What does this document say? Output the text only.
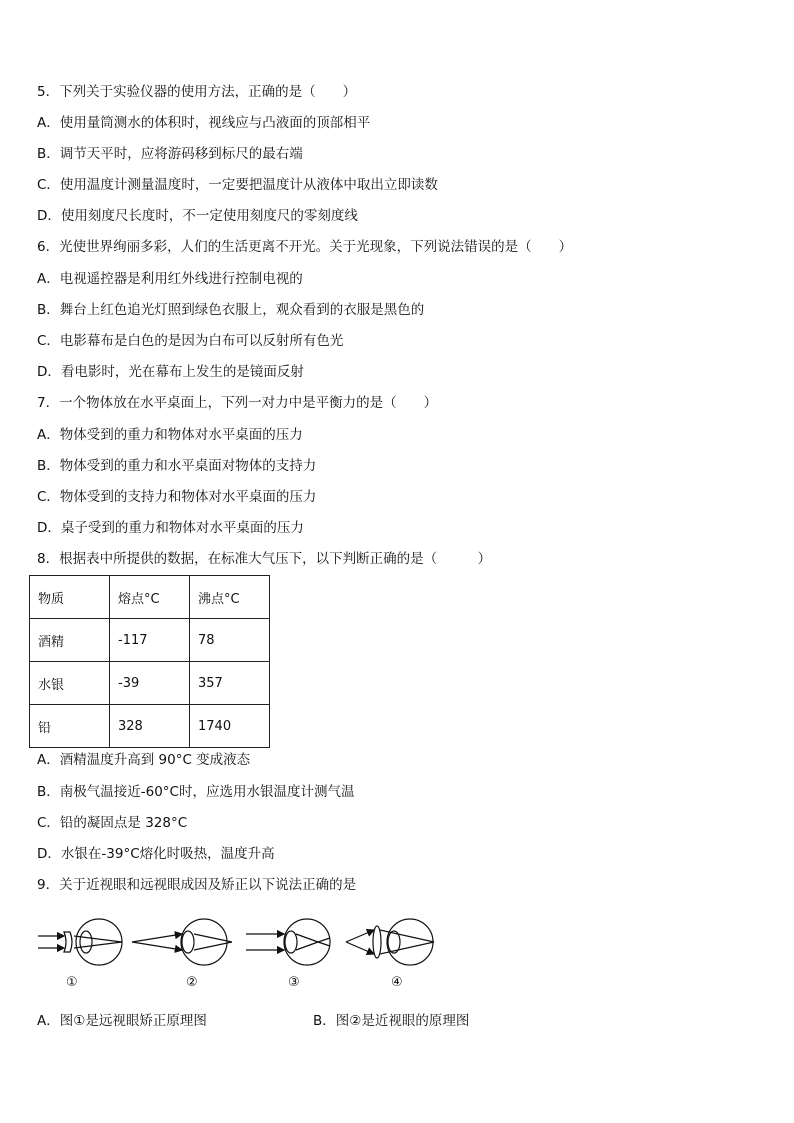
5．下列关于实验仪器的使用方法，正确的是（　　）
A．使用量筒测水的体积时，视线应与凸液面的顶部相平
B．调节天平时，应将游码移到标尺的最右端
C．使用温度计测量温度时，一定要把温度计从液体中取出立即读数
D．使用刻度尺长度时，不一定使用刻度尺的零刻度线
6．光使世界绚丽多彩，人们的生活更离不开光。关于光现象，下列说法错误的是（　　）
A．电视遥控器是利用红外线进行控制电视的
B．舞台上红色追光灯照到绿色衣服上，观众看到的衣服是黑色的
C．电影幕布是白色的是因为白布可以反射所有色光
D．看电影时，光在幕布上发生的是镜面反射
7．一个物体放在水平桌面上，下列一对力中是平衡力的是（　　）
A．物体受到的重力和物体对水平桌面的压力
B．物体受到的重力和水平桌面对物体的支持力
C．物体受到的支持力和物体对水平桌面的压力
D．桌子受到的重力和物体对水平桌面的压力
8．根据表中所提供的数据，在标准大气压下，以下判断正确的是（　　　）
物质	熔点°C	沸点°C
酒精	-117	78
水银	-39	357
铅	328	1740
A．酒精温度升高到 90°C 变成液态
B．南极气温接近-60°C时，应选用水银温度计测气温
C．铅的凝固点是 328°C
D．水银在-39°C熔化时吸热，温度升高
9．关于近视眼和远视眼成因及矫正以下说法正确的是
①	②	③	④
A．图①是远视眼矫正原理图	B．图②是近视眼的原理图
